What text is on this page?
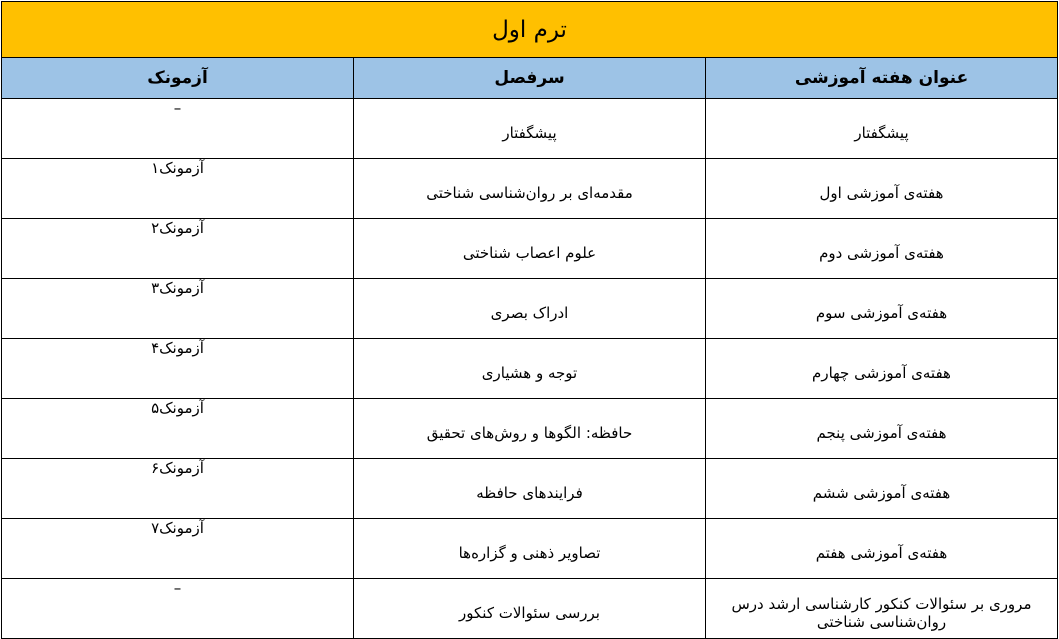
ترم اول		
عنوان هفته آموزشی	سرفصل	آزمونک
پیشگفتار	پیشگفتار	–
هفته‌ی آموزشی اول	مقدمه‌ای بر روان‌شناسی شناختی	آزمونک۱
هفته‌ی آموزشی دوم	علوم اعصاب شناختی	آزمونک۲
هفته‌ی آموزشی سوم	ادراک بصری	آزمونک۳
هفته‌ی آموزشی چهارم	توجه و هشیاری	آزمونک۴
هفته‌ی آموزشی پنجم	حافظه: الگوها و روش‌های تحقیق	آزمونک۵
هفته‌ی آموزشی ششم	فرایندهای حافظه	آزمونک۶
هفته‌ی آموزشی هفتم	تصاویر ذهنی و گزاره‌ها	آزمونک۷
مروری بر سئوالات کنکور کارشناسی ارشد درس روان‌شناسی شناختی	بررسی سئوالات کنکور	–
